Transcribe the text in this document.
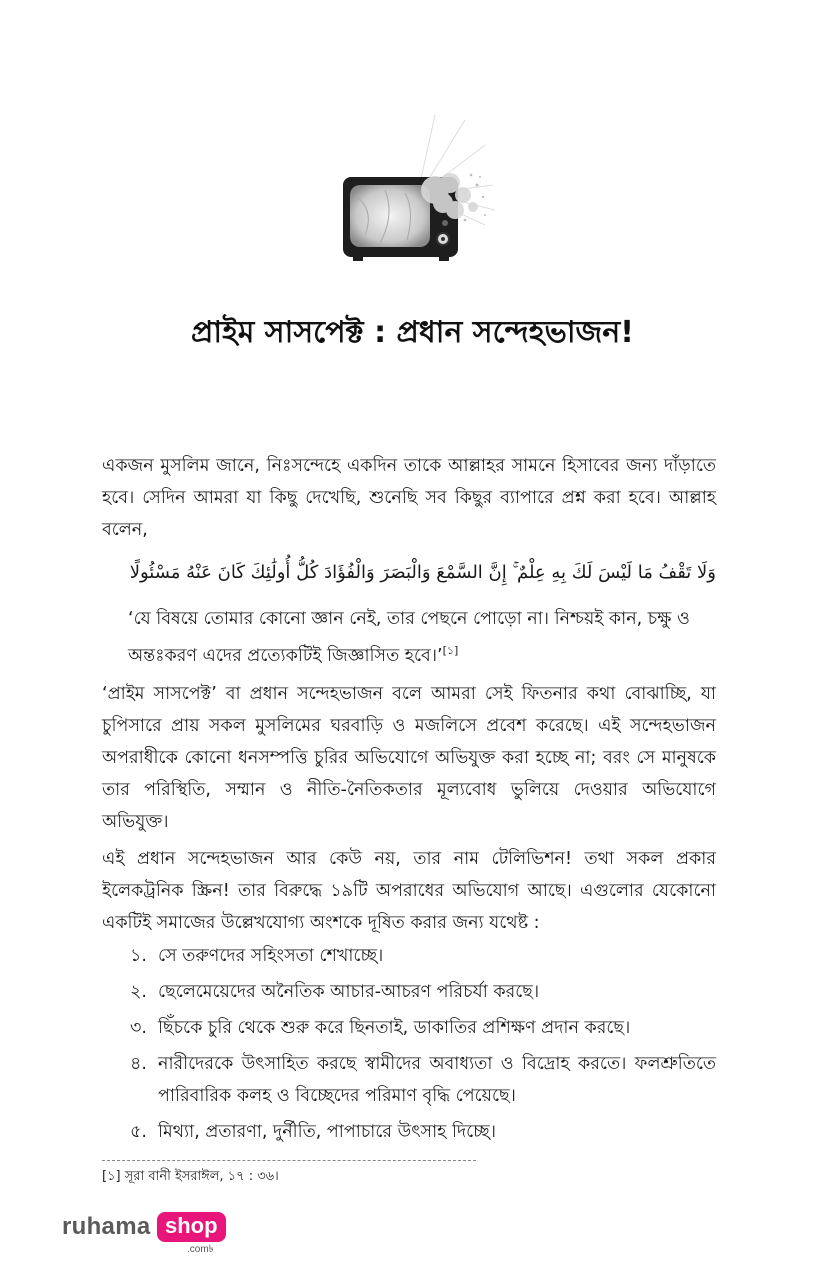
প্রাইম সাসপেক্ট : প্রধান সন্দেহভাজন!

একজন মুসলিম জানে, নিঃসন্দেহে একদিন তাকে আল্লাহর সামনে হিসাবের জন্য দাঁড়াতে হবে। সেদিন আমরা যা কিছু দেখেছি, শুনেছি সব কিছুর ব্যাপারে প্রশ্ন করা হবে। আল্লাহ বলেন,

وَلَا تَقْفُ مَا لَيْسَ لَكَ بِهِ عِلْمٌ ۚ إِنَّ السَّمْعَ وَالْبَصَرَ وَالْفُؤَادَ كُلُّ أُولَٰئِكَ كَانَ عَنْهُ مَسْئُولًا
‘যে বিষয়ে তোমার কোনো জ্ঞান নেই, তার পেছনে পোড়ো না। নিশ্চয়ই কান, চক্ষু ও অন্তঃকরণ এদের প্রত্যেকটিই জিজ্ঞাসিত হবে।’[১]

‘প্রাইম সাসপেক্ট’ বা প্রধান সন্দেহভাজন বলে আমরা সেই ফিতনার কথা বোঝাচ্ছি, যা চুপিসারে প্রায় সকল মুসলিমের ঘরবাড়ি ও মজলিসে প্রবেশ করেছে। এই সন্দেহভাজন অপরাধীকে কোনো ধনসম্পত্তি চুরির অভিযোগে অভিযুক্ত করা হচ্ছে না; বরং সে মানুষকে তার পরিস্থিতি, সম্মান ও নীতি-নৈতিকতার মূল্যবোধ ভুলিয়ে দেওয়ার অভিযোগে অভিযুক্ত।

এই প্রধান সন্দেহভাজন আর কেউ নয়, তার নাম টেলিভিশন! তথা সকল প্রকার ইলেকট্রনিক স্ক্রিন! তার বিরুদ্ধে ১৯টি অপরাধের অভিযোগ আছে। এগুলোর যেকোনো একটিই সমাজের উল্লেখযোগ্য অংশকে দূষিত করার জন্য যথেষ্ট :

১. সে তরুণদের সহিংসতা শেখাচ্ছে।
২. ছেলেমেয়েদের অনৈতিক আচার-আচরণ পরিচর্যা করছে।
৩. ছিঁচকে চুরি থেকে শুরু করে ছিনতাই, ডাকাতির প্রশিক্ষণ প্রদান করছে।
৪. নারীদেরকে উৎসাহিত করছে স্বামীদের অবাধ্যতা ও বিদ্রোহ করতে। ফলশ্রুতিতে পারিবারিক কলহ ও বিচ্ছেদের পরিমাণ বৃদ্ধি পেয়েছে।
৫. মিথ্যা, প্রতারণা, দুর্নীতি, পাপাচারে উৎসাহ দিচ্ছে।
[১] সূরা বানী ইসরাঈল, ১৭ : ৩৬।
ruhama shop
.com৳
